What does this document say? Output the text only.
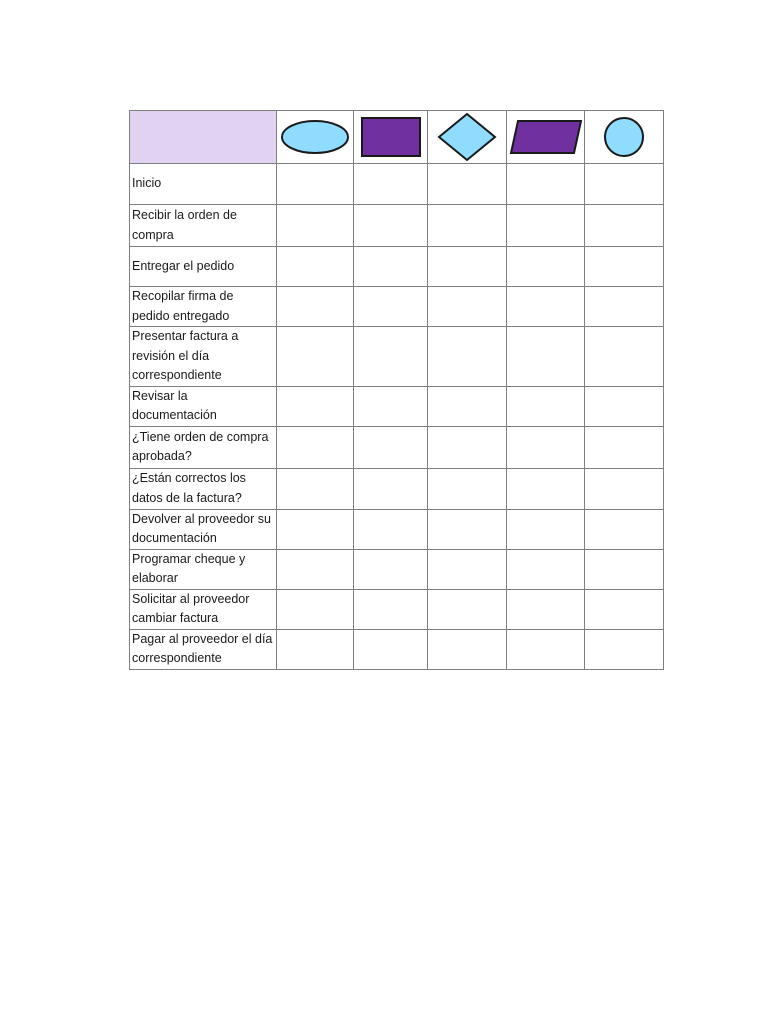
Inicio					
Recibir la orden de compra					
Entregar el pedido					
Recopilar firma de pedido entregado					
Presentar factura a revisión el día correspondiente					
Revisar la documentación					
¿Tiene orden de compra aprobada?					
¿Están correctos los datos de la factura?					
Devolver al proveedor su documentación					
Programar cheque y elaborar					
Solicitar al proveedor cambiar factura					
Pagar al proveedor el día correspondiente					
